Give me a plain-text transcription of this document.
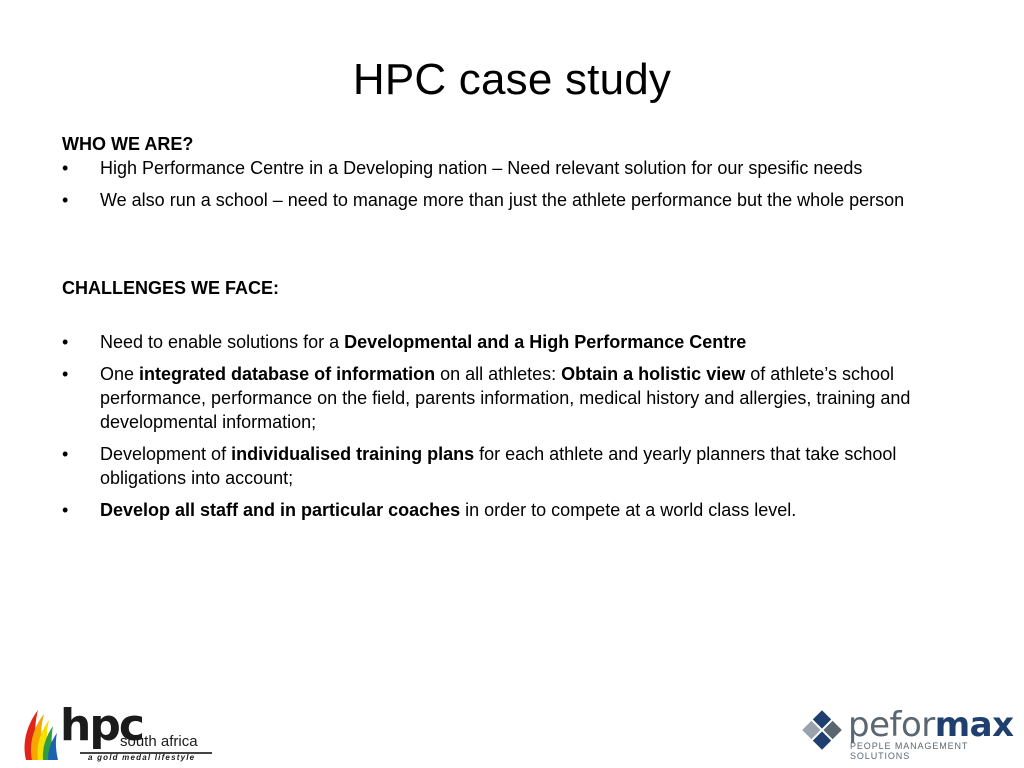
HPC case study

WHO WE ARE?

• High Performance Centre in a Developing nation – Need relevant solution for our spesific needs
• We also run a school – need to manage more than just the athlete performance but the whole person

CHALLENGES WE FACE:

• Need to enable solutions for a Developmental and a High Performance Centre
• One integrated database of information on all athletes: Obtain a holistic view of athlete’s school performance, performance on the field, parents information, medical history and allergies, training and developmental information;
• Development of individualised training plans for each athlete and yearly planners that take school obligations into account;
• Develop all staff and in particular coaches in order to compete at a world class level.
hpc
south africa
a gold medal lifestyle
peformax
PEOPLE MANAGEMENT SOLUTIONS
